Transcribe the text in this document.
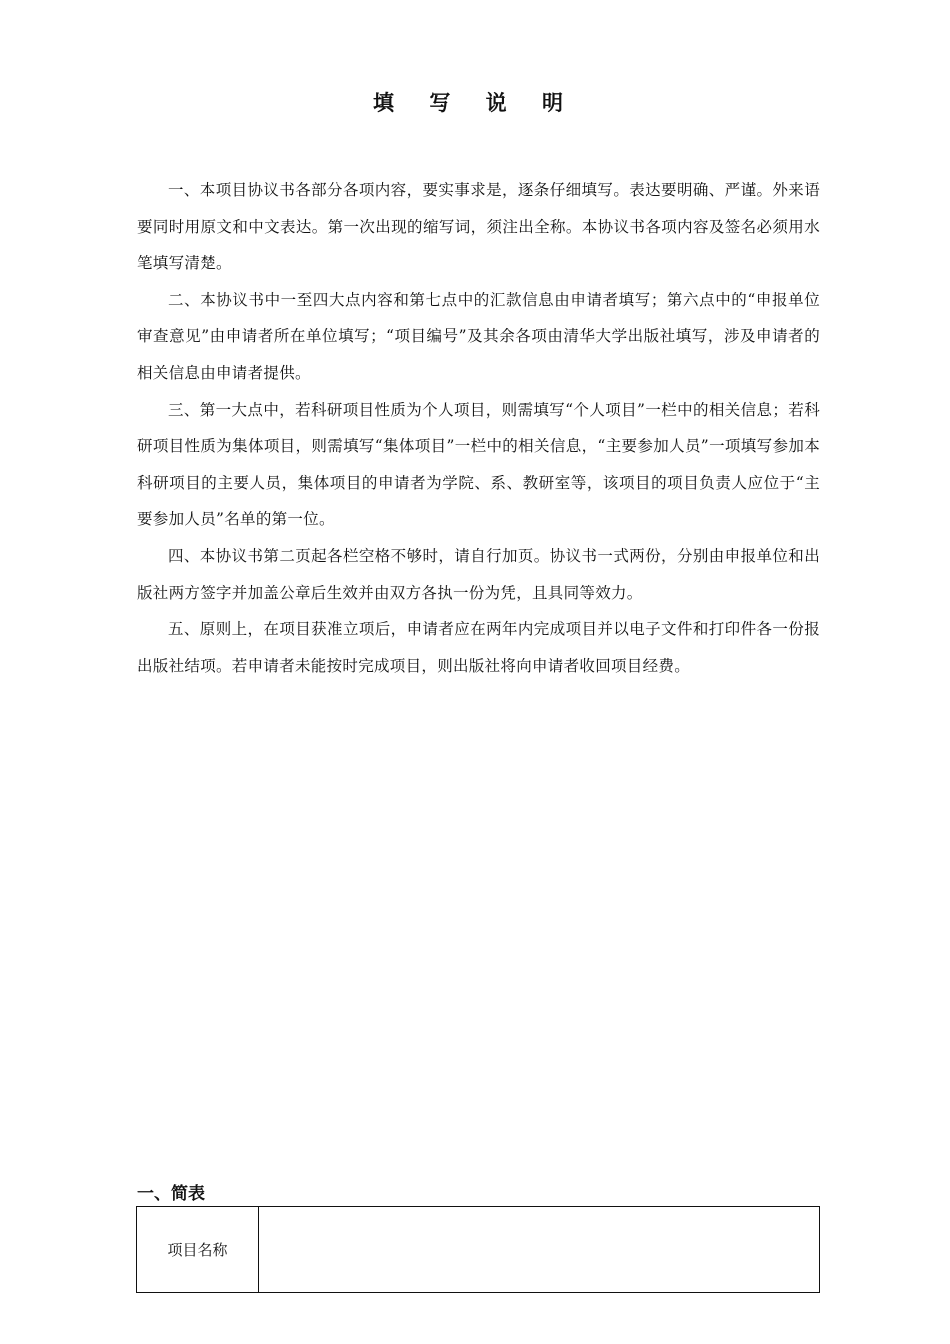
填 写 说 明

一、本项目协议书各部分各项内容，要实事求是，逐条仔细填写。表达要明确、严谨。外来语要同时用原文和中文表达。第一次出现的缩写词，须注出全称。本协议书各项内容及签名必须用水笔填写清楚。

二、本协议书中一至四大点内容和第七点中的汇款信息由申请者填写；第六点中的“申报单位审查意见”由申请者所在单位填写；“项目编号”及其余各项由清华大学出版社填写，涉及申请者的相关信息由申请者提供。

三、第一大点中，若科研项目性质为个人项目，则需填写“个人项目”一栏中的相关信息；若科研项目性质为集体项目，则需填写“集体项目”一栏中的相关信息，“主要参加人员”一项填写参加本科研项目的主要人员，集体项目的申请者为学院、系、教研室等，该项目的项目负责人应位于“主要参加人员”名单的第一位。

四、本协议书第二页起各栏空格不够时，请自行加页。协议书一式两份，分别由申报单位和出版社两方签字并加盖公章后生效并由双方各执一份为凭，且具同等效力。

五、原则上，在项目获准立项后，申请者应在两年内完成项目并以电子文件和打印件各一份报出版社结项。若申请者未能按时完成项目，则出版社将向申请者收回项目经费。

一、简表
项目名称	
